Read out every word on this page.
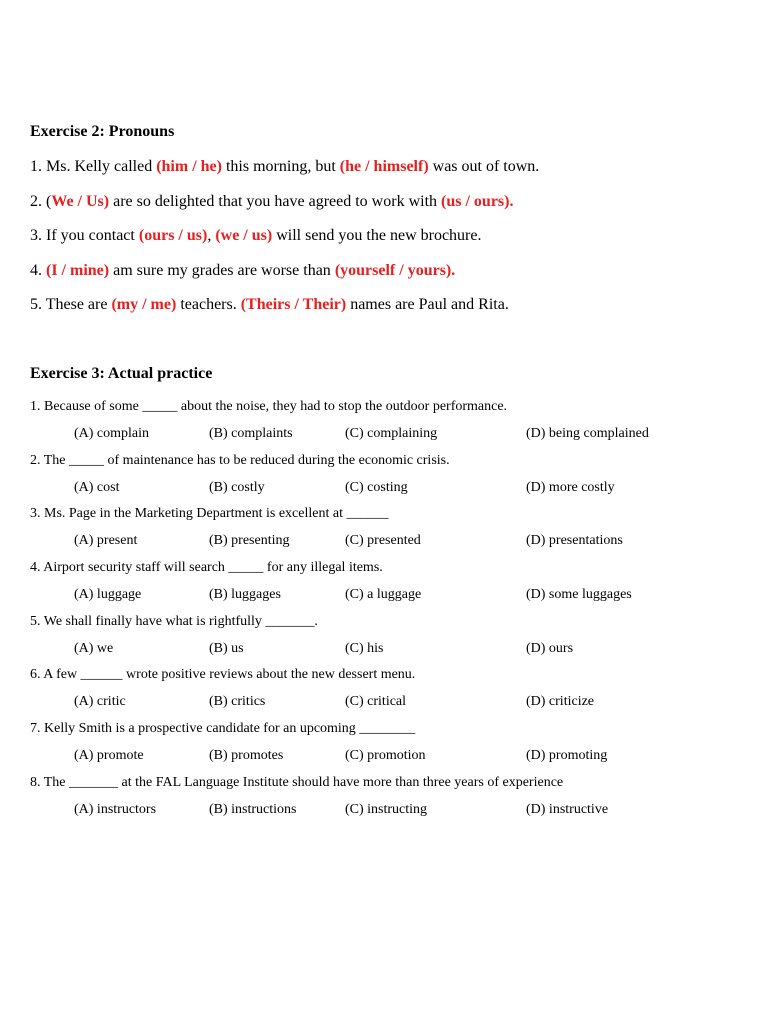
Exercise 2: Pronouns
1. Ms. Kelly called (him / he) this morning, but (he / himself) was out of town.
2. (We / Us) are so delighted that you have agreed to work with (us / ours).
3. If you contact (ours / us), (we / us) will send you the new brochure.
4. (I / mine) am sure my grades are worse than (yourself / yours).
5. These are (my / me) teachers. (Theirs / Their) names are Paul and Rita.
Exercise 3: Actual practice
1. Because of some _____ about the noise, they had to stop the outdoor performance.
(A) complain	(B) complaints	(C) complaining	(D) being complained
2. The _____ of maintenance has to be reduced during the economic crisis.
(A) cost	(B) costly	(C) costing	(D) more costly
3. Ms. Page in the Marketing Department is excellent at ______
(A) present	(B) presenting	(C) presented	(D) presentations
4. Airport security staff will search _____ for any illegal items.
(A) luggage	(B) luggages	(C) a luggage	(D) some luggages
5. We shall finally have what is rightfully _______.
(A) we	(B) us	(C) his	(D) ours
6. A few ______ wrote positive reviews about the new dessert menu.
(A) critic	(B) critics	(C) critical	(D) criticize
7. Kelly Smith is a prospective candidate for an upcoming ________
(A) promote	(B) promotes	(C) promotion	(D) promoting
8. The _______ at the FAL Language Institute should have more than three years of experience
(A) instructors	(B) instructions	(C) instructing	(D) instructive
